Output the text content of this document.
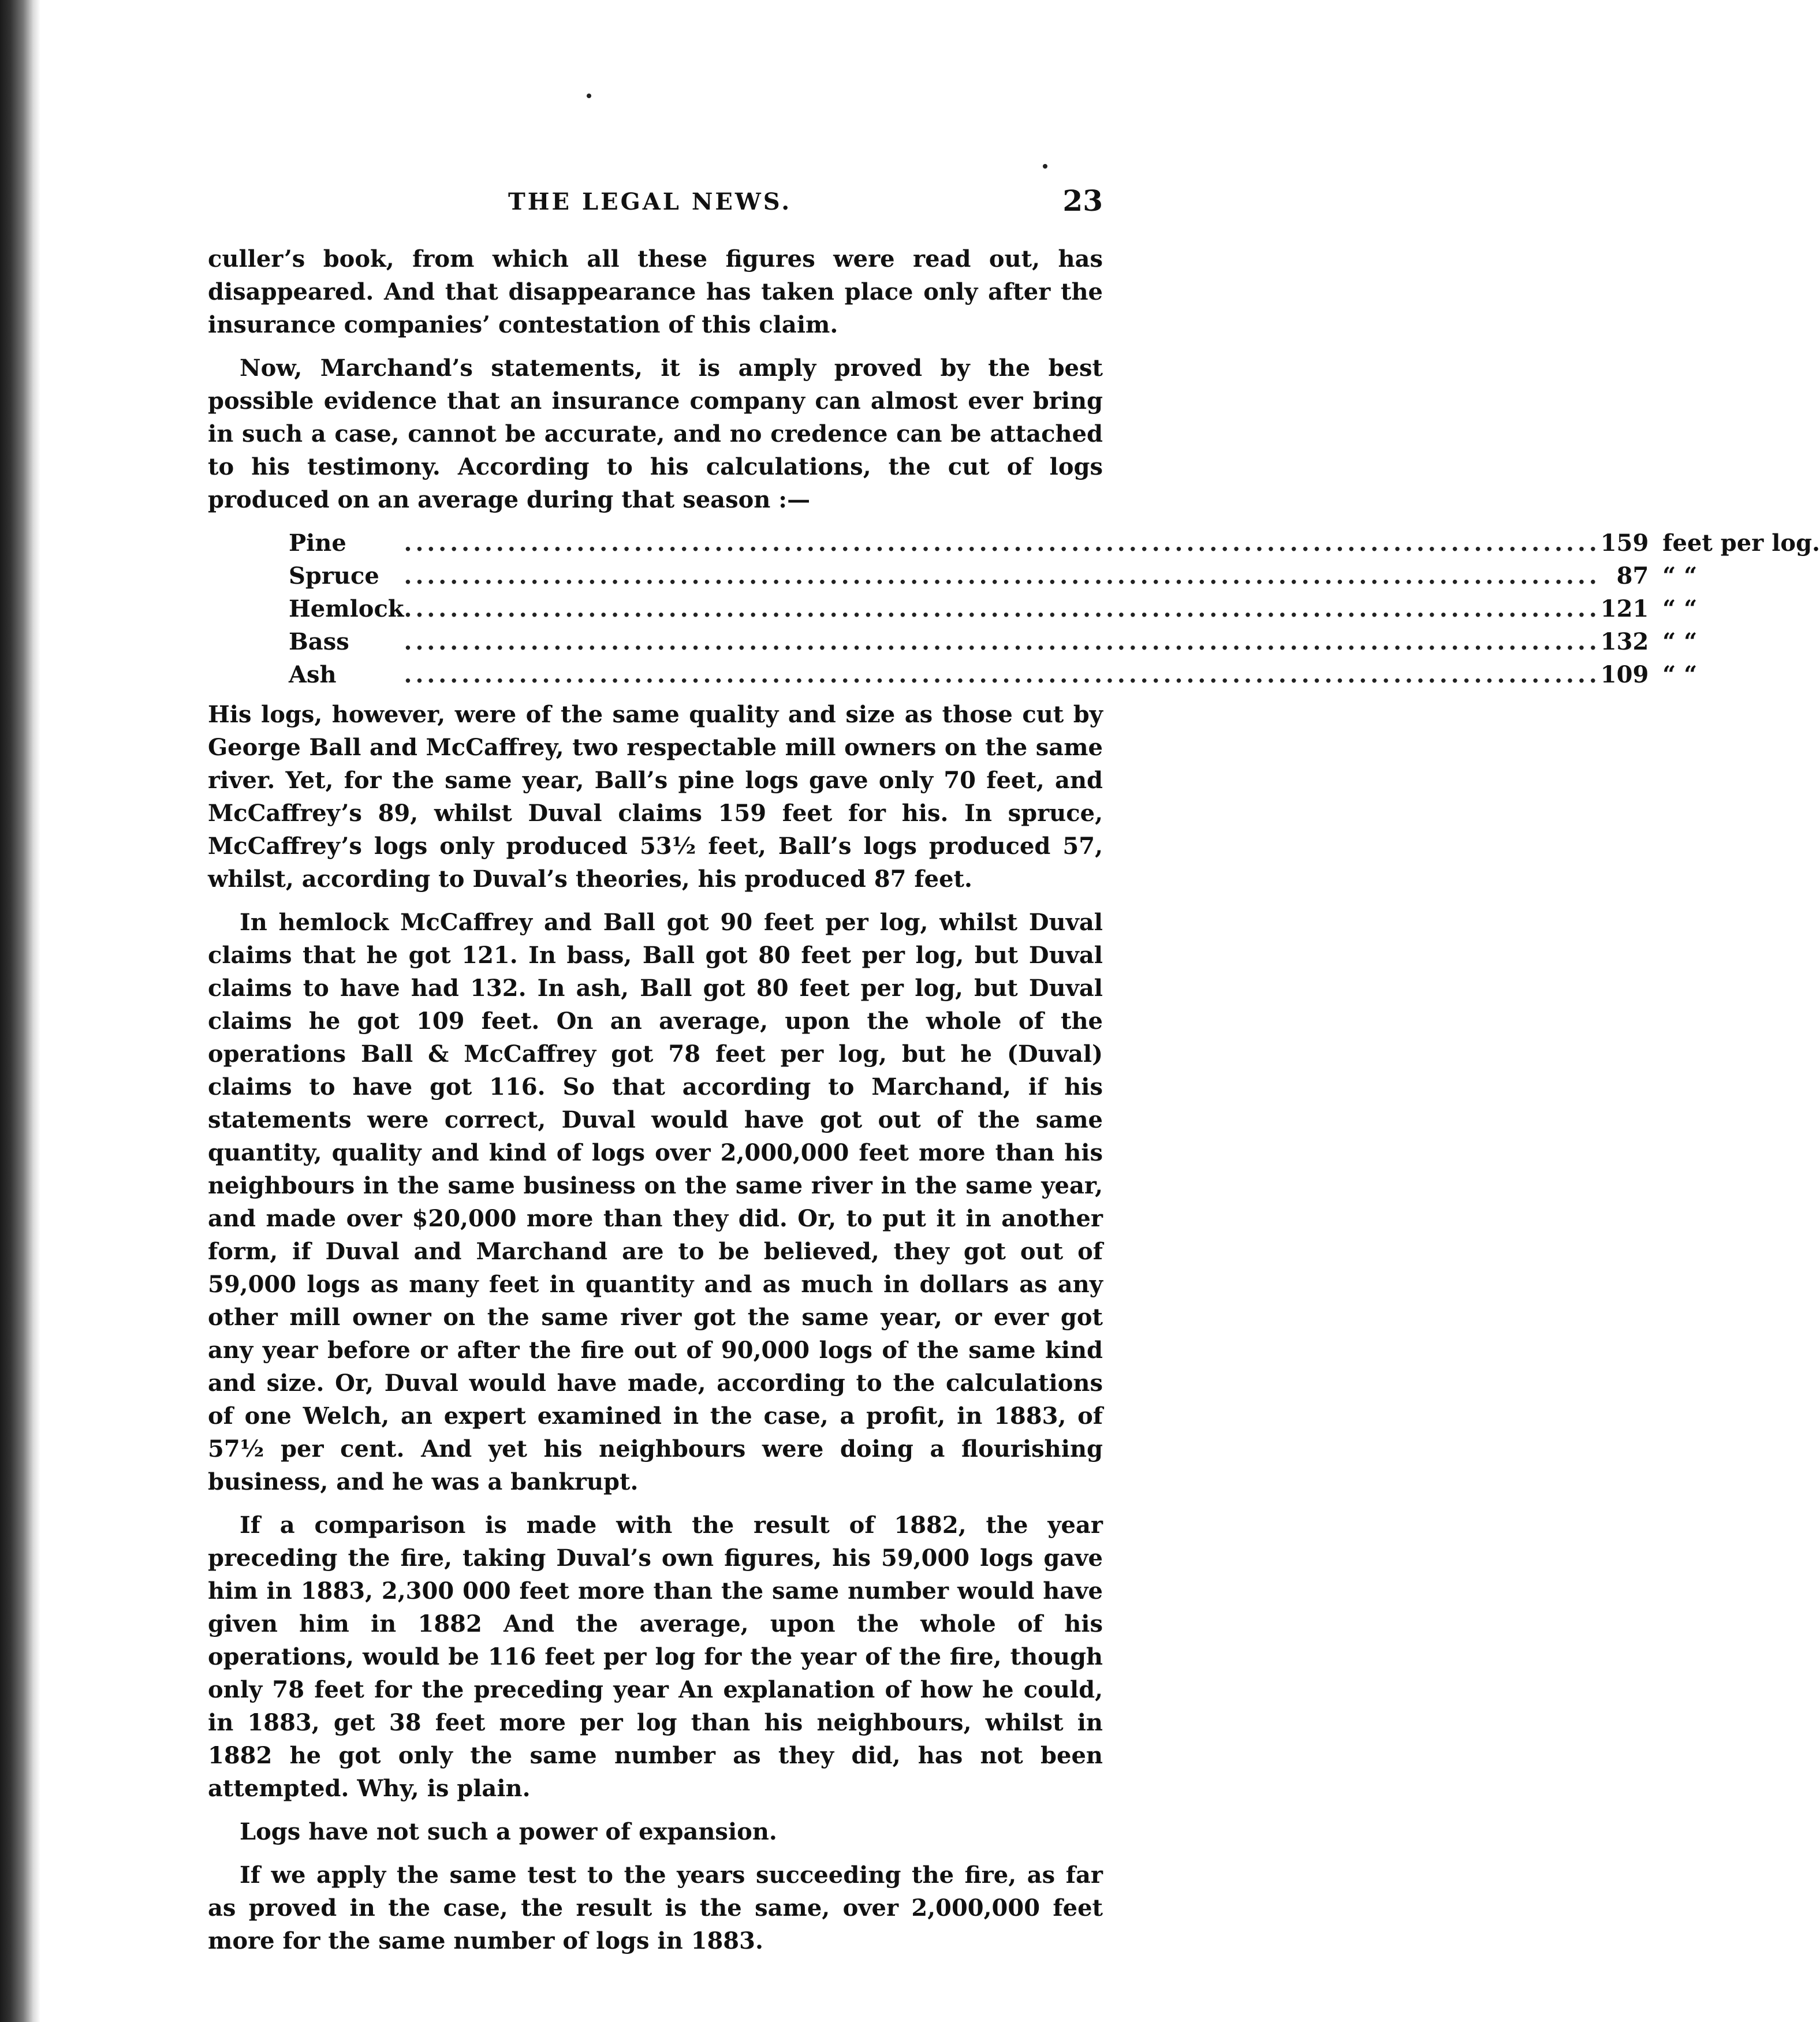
THE LEGAL NEWS.	23

culler’s book, from which all these figures were read out, has disappeared. And that disappearance has taken place only after the insurance companies’ contestation of this claim.

Now, Marchand’s statements, it is amply proved by the best possible evidence that an insurance company can almost ever bring in such a case, cannot be accurate, and no credence can be attached to his testimony. According to his calculations, the cut of logs produced on an average during that season :—

Pine	.....	159	feet per log.
Spruce	.....	87	“ “
Hemlock	.....	121	“ “
Bass	.....	132	“ “
Ash	.....	109	“ “

His logs, however, were of the same quality and size as those cut by George Ball and McCaffrey, two respectable mill owners on the same river. Yet, for the same year, Ball’s pine logs gave only 70 feet, and McCaffrey’s 89, whilst Duval claims 159 feet for his. In spruce, McCaffrey’s logs only produced 53½ feet, Ball’s logs produced 57, whilst, according to Duval’s theories, his produced 87 feet.

In hemlock McCaffrey and Ball got 90 feet per log, whilst Duval claims that he got 121. In bass, Ball got 80 feet per log, but Duval claims to have had 132. In ash, Ball got 80 feet per log, but Duval claims he got 109 feet. On an average, upon the whole of the operations Ball & McCaffrey got 78 feet per log, but he (Duval) claims to have got 116. So that according to Marchand, if his statements were correct, Duval would have got out of the same quantity, quality and kind of logs over 2,000,000 feet more than his neighbours in the same business on the same river in the same year, and made over $20,000 more than they did. Or, to put it in another form, if Duval and Marchand are to be believed, they got out of 59,000 logs as many feet in quantity and as much in dollars as any other mill owner on the same river got the same year, or ever got any year before or after the fire out of 90,000 logs of the same kind and size. Or, Duval would have made, according to the calculations of one Welch, an expert examined in the case, a profit, in 1883, of 57½ per cent. And yet his neighbours were doing a flourishing business, and he was a bankrupt.

If a comparison is made with the result of 1882, the year preceding the fire, taking Duval’s own figures, his 59,000 logs gave him in 1883, 2,300 000 feet more than the same number would have given him in 1882 And the average, upon the whole of his operations, would be 116 feet per log for the year of the fire, though only 78 feet for the preceding year An explanation of how he could, in 1883, get 38 feet more per log than his neighbours, whilst in 1882 he got only the same number as they did, has not been attempted. Why, is plain.

Logs have not such a power of expansion.

If we apply the same test to the years succeeding the fire, as far as proved in the case, the result is the same, over 2,000,000 feet more for the same number of logs in 1883.
